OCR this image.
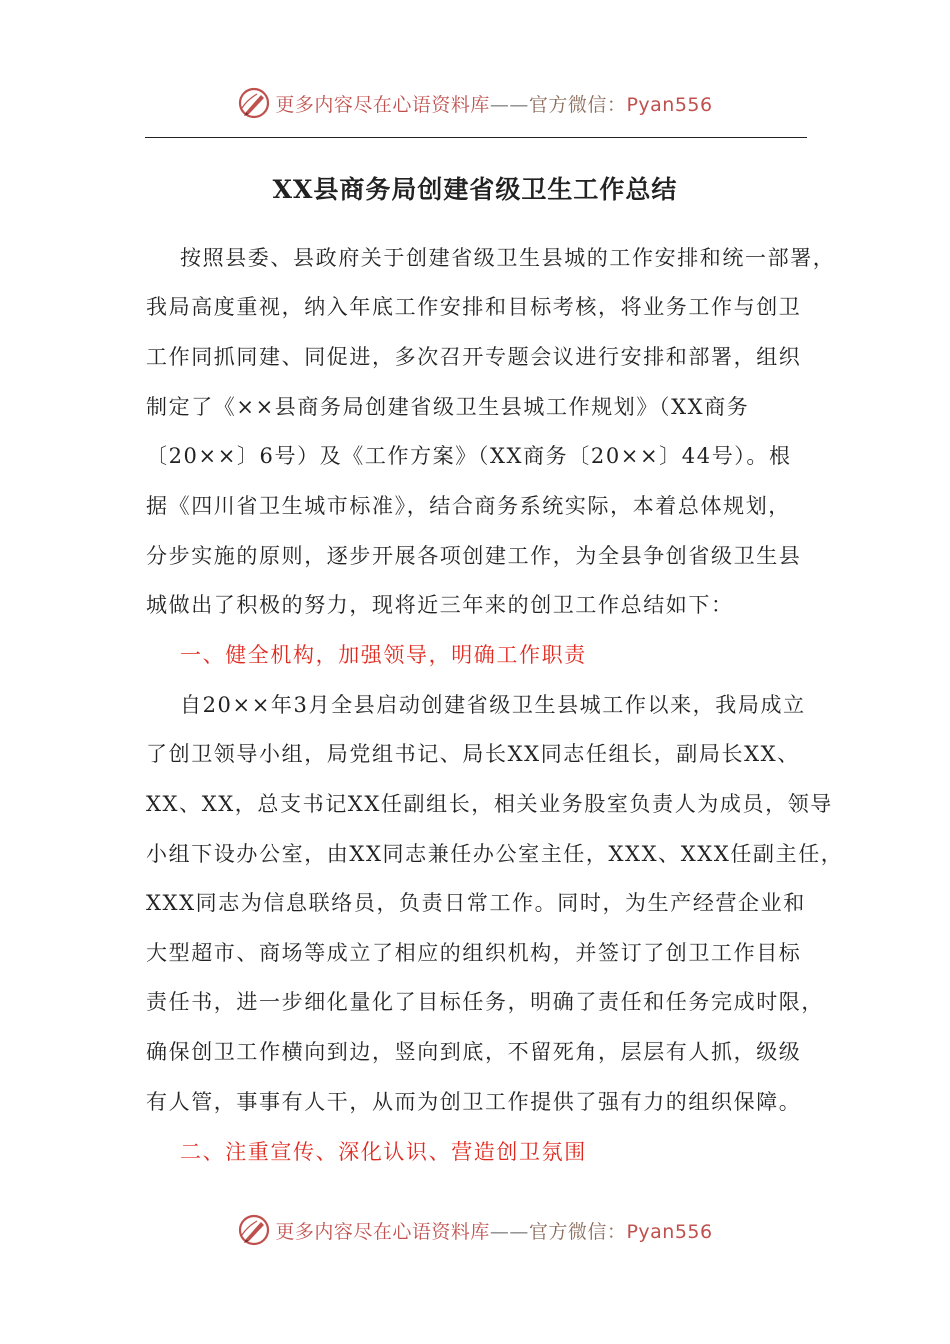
更多内容尽在心语资料库——官方微信：Pyan556
XX县商务局创建省级卫生工作总结
按照县委、县政府关于创建省级卫生县城的工作安排和统一部署，
我局高度重视，纳入年底工作安排和目标考核，将业务工作与创卫
工作同抓同建、同促进，多次召开专题会议进行安排和部署，组织
制定了《××县商务局创建省级卫生县城工作规划》（XX商务
〔20××〕6号）及《工作方案》（XX商务〔20××〕44号）。根
据《四川省卫生城市标准》，结合商务系统实际，本着总体规划，
分步实施的原则，逐步开展各项创建工作，为全县争创省级卫生县
城做出了积极的努力，现将近三年来的创卫工作总结如下：
一、健全机构，加强领导，明确工作职责
自20××年3月全县启动创建省级卫生县城工作以来，我局成立
了创卫领导小组，局党组书记、局长XX同志任组长，副局长XX、
XX、XX，总支书记XX任副组长，相关业务股室负责人为成员，领导
小组下设办公室，由XX同志兼任办公室主任，XXX、XXX任副主任，
XXX同志为信息联络员，负责日常工作。同时，为生产经营企业和
大型超市、商场等成立了相应的组织机构，并签订了创卫工作目标
责任书，进一步细化量化了目标任务，明确了责任和任务完成时限，
确保创卫工作横向到边，竖向到底，不留死角，层层有人抓，级级
有人管，事事有人干，从而为创卫工作提供了强有力的组织保障。
二、注重宣传、深化认识、营造创卫氛围
更多内容尽在心语资料库——官方微信：Pyan556
